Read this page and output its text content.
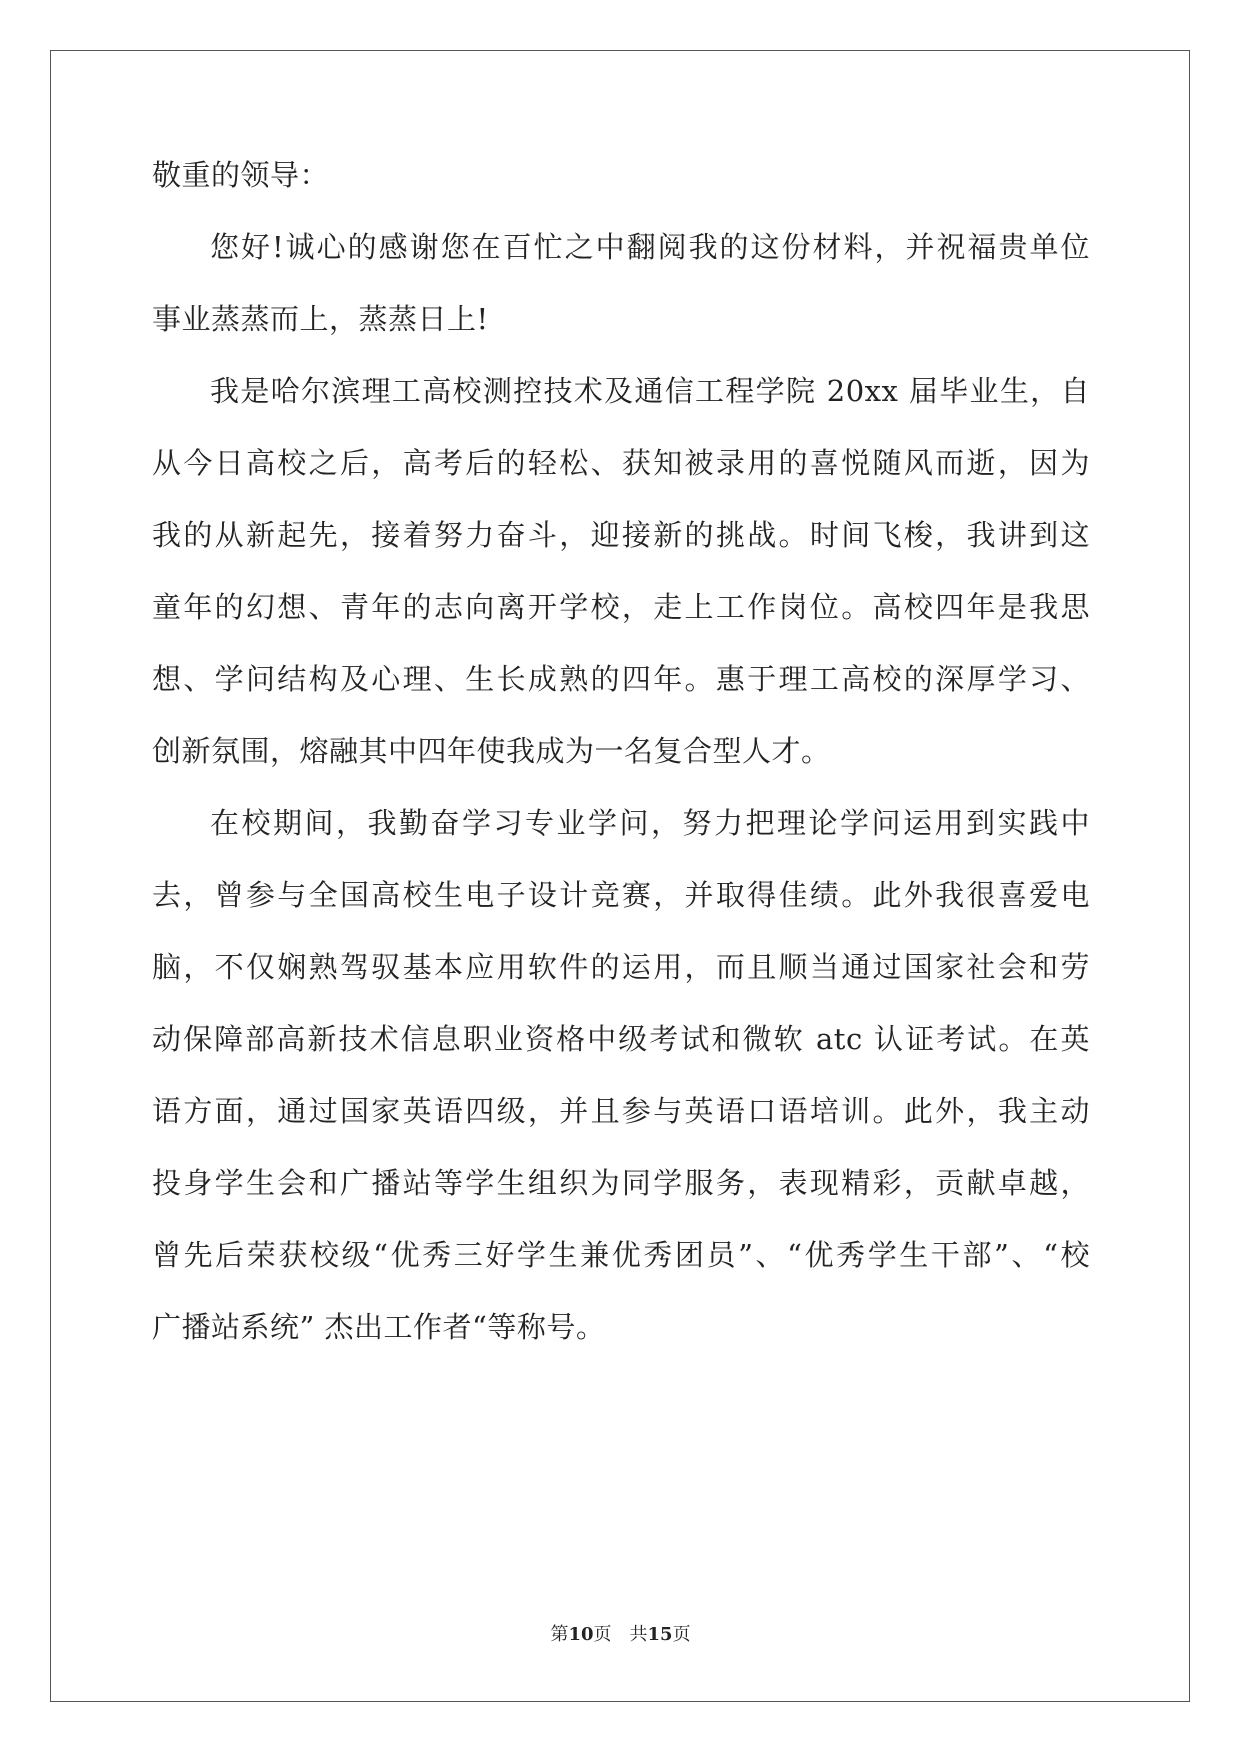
敬重的领导：
您好!诚心的感谢您在百忙之中翻阅我的这份材料，并祝福贵单位
事业蒸蒸而上，蒸蒸日上!
我是哈尔滨理工高校测控技术及通信工程学院 20xx 届毕业生，自
从今日高校之后，高考后的轻松、获知被录用的喜悦随风而逝，因为
我的从新起先，接着努力奋斗，迎接新的挑战。时间飞梭，我讲到这
童年的幻想、青年的志向离开学校，走上工作岗位。高校四年是我思
想、学问结构及心理、生长成熟的四年。惠于理工高校的深厚学习、
创新氛围，熔融其中四年使我成为一名复合型人才。
在校期间，我勤奋学习专业学问，努力把理论学问运用到实践中
去，曾参与全国高校生电子设计竞赛，并取得佳绩。此外我很喜爱电
脑，不仅娴熟驾驭基本应用软件的运用，而且顺当通过国家社会和劳
动保障部高新技术信息职业资格中级考试和微软 atc 认证考试。在英
语方面，通过国家英语四级，并且参与英语口语培训。此外，我主动
投身学生会和广播站等学生组织为同学服务，表现精彩，贡献卓越，
曾先后荣获校级“优秀三好学生兼优秀团员”、“优秀学生干部”、“校
广播站系统” 杰出工作者“等称号。
第10页 共15页
